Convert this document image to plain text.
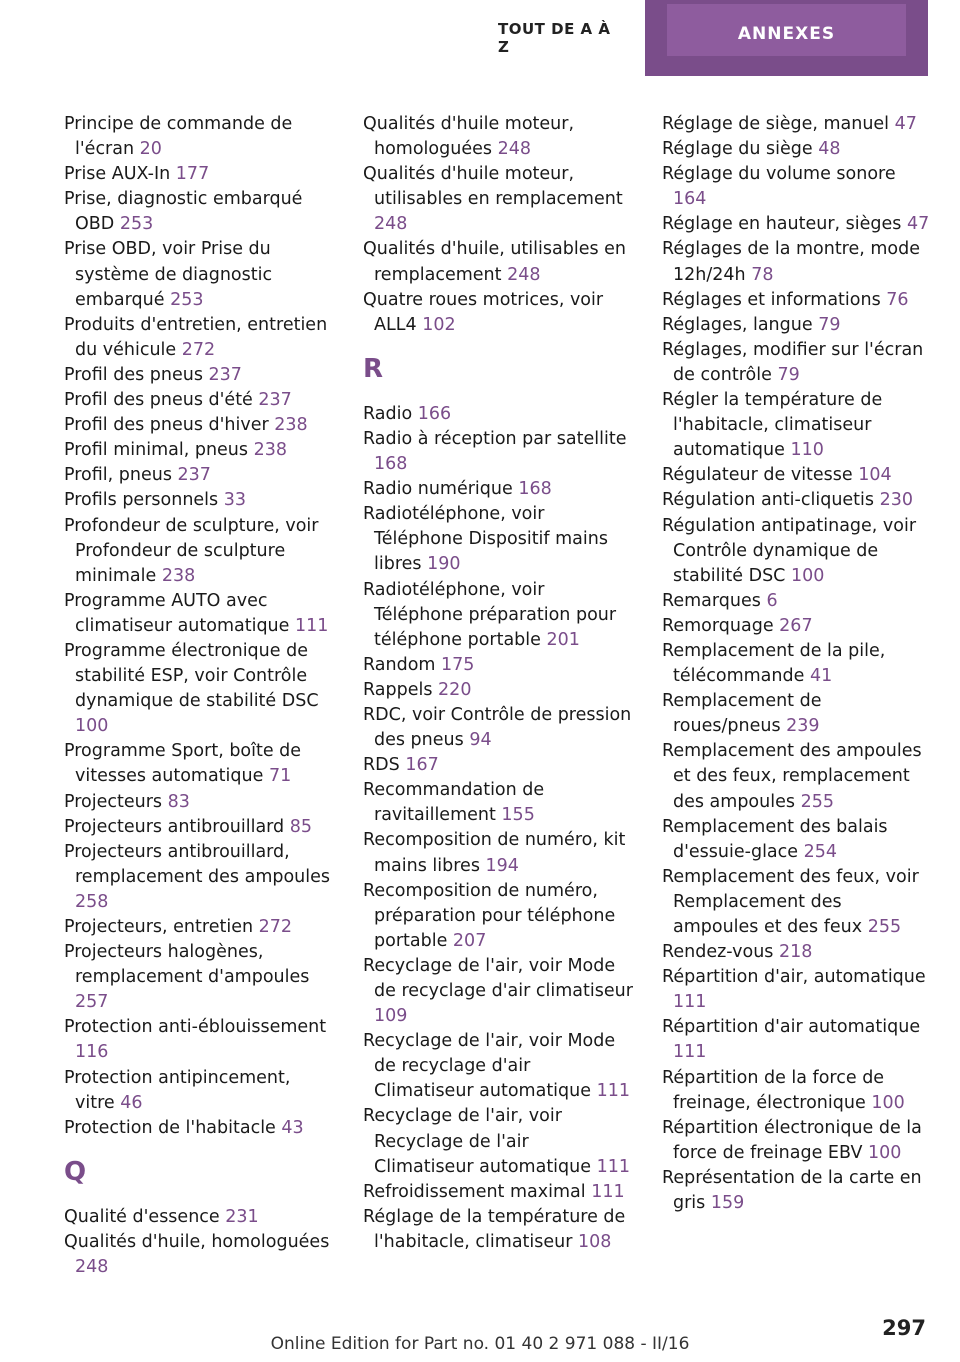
TOUT DE A À Z
ANNEXES
Principe de commande de l'écran 20
Prise AUX-In 177
Prise, diagnostic embarqué OBD 253
Prise OBD, voir Prise du système de diagnostic embarqué 253
Produits d'entretien, entretien du véhicule 272
Profil des pneus 237
Profil des pneus d'été 237
Profil des pneus d'hiver 238
Profil minimal, pneus 238
Profil, pneus 237
Profils personnels 33
Profondeur de sculpture, voir Profondeur de sculpture minimale 238
Programme AUTO avec climatiseur automatique 111
Programme électronique de stabilité ESP, voir Contrôle dynamique de stabilité DSC 100
Programme Sport, boîte de vitesses automatique 71
Projecteurs 83
Projecteurs antibrouillard 85
Projecteurs antibrouillard, remplacement des ampoules 258
Projecteurs, entretien 272
Projecteurs halogènes, remplacement d'ampoules 257
Protection anti-éblouissement 116
Protection antipincement, vitre 46
Protection de l'habitacle 43
Q
Qualité d'essence 231
Qualités d'huile, homologuées 248
Qualités d'huile moteur, homologuées 248
Qualités d'huile moteur, utilisables en remplacement 248
Qualités d'huile, utilisables en remplacement 248
Quatre roues motrices, voir ALL4 102
R
Radio 166
Radio à réception par satellite 168
Radio numérique 168
Radiotéléphone, voir Téléphone Dispositif mains libres 190
Radiotéléphone, voir Téléphone préparation pour téléphone portable 201
Random 175
Rappels 220
RDC, voir Contrôle de pression des pneus 94
RDS 167
Recommandation de ravitaillement 155
Recomposition de numéro, kit mains libres 194
Recomposition de numéro, préparation pour téléphone portable 207
Recyclage de l'air, voir Mode de recyclage d'air climatiseur 109
Recyclage de l'air, voir Mode de recyclage d'air Climatiseur automatique 111
Recyclage de l'air, voir Recyclage de l'air Climatiseur automatique 111
Refroidissement maximal 111
Réglage de la température de l'habitacle, climatiseur 108
Réglage de siège, manuel 47
Réglage du siège 48
Réglage du volume sonore 164
Réglage en hauteur, sièges 47
Réglages de la montre, mode 12h/24h 78
Réglages et informations 76
Réglages, langue 79
Réglages, modifier sur l'écran de contrôle 79
Régler la température de l'habitacle, climatiseur automatique 110
Régulateur de vitesse 104
Régulation anti-cliquetis 230
Régulation antipatinage, voir Contrôle dynamique de stabilité DSC 100
Remarques 6
Remorquage 267
Remplacement de la pile, télécommande 41
Remplacement de roues/pneus 239
Remplacement des ampoules et des feux, remplacement des ampoules 255
Remplacement des balais d'essuie-glace 254
Remplacement des feux, voir Remplacement des ampoules et des feux 255
Rendez-vous 218
Répartition d'air, automatique 111
Répartition d'air automatique 111
Répartition de la force de freinage, électronique 100
Répartition électronique de la force de freinage EBV 100
Représentation de la carte en gris 159
297
Online Edition for Part no. 01 40 2 971 088 - II/16
